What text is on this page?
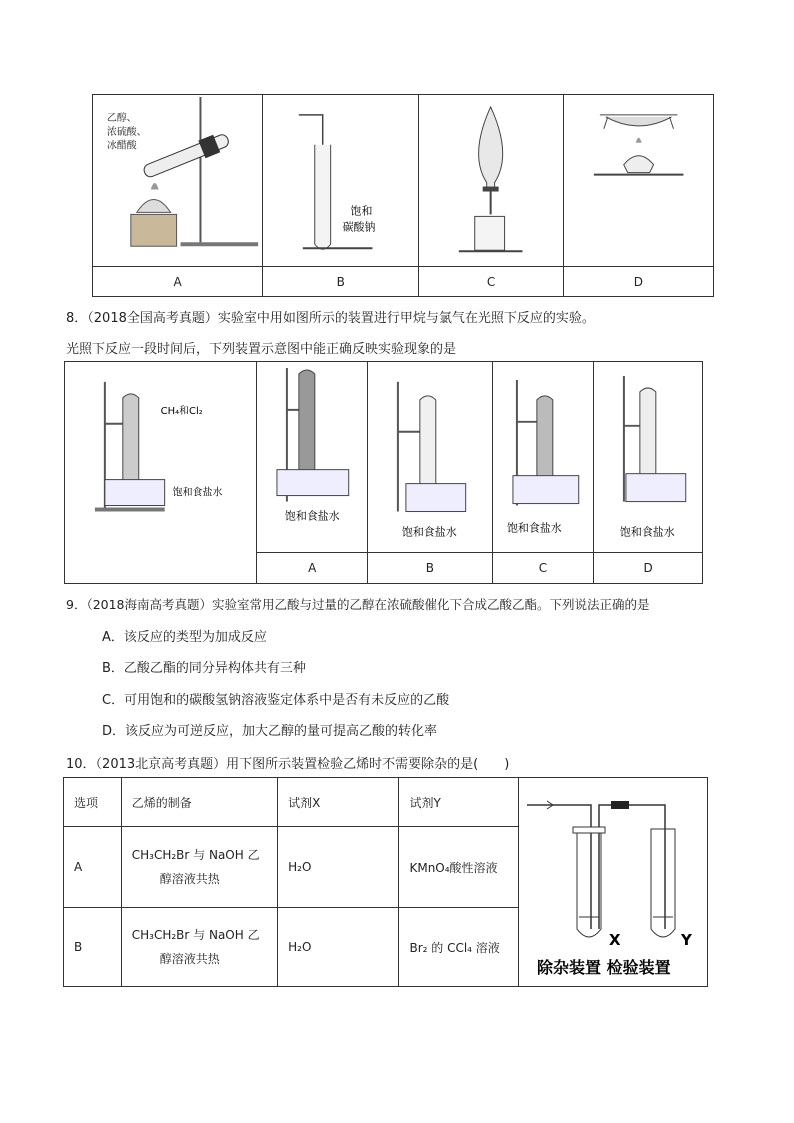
乙醇、
浓硫酸、
冰醋酸	饱和
碳酸钠

A	B	C	D
8．（2018全国高考真题）实验室中用如图所示的装置进行甲烷与氯气在光照下反应的实验。
光照下反应一段时间后，下列装置示意图中能正确反映实验现象的是
CH₄和Cl₂
饱和食盐水	饱和食盐水	饱和食盐水	饱和食盐水	饱和食盐水

	A	B	C	D
9．（2018海南高考真题）实验室常用乙酸与过量的乙醇在浓硫酸催化下合成乙酸乙酯。下列说法正确的是
A．该反应的类型为加成反应
B．乙酸乙酯的同分异构体共有三种
C．可用饱和的碳酸氢钠溶液鉴定体系中是否有未反应的乙酸
D．该反应为可逆反应，加大乙醇的量可提高乙酸的转化率
10．（2013北京高考真题）用下图所示装置检验乙烯时不需要除杂的是(　　)
选项	乙烯的制备	试剂X	试剂Y	X Y
除杂装置 检验装置

A	CH₃CH₂Br 与 NaOH 乙
醇溶液共热	H₂O	KMnO₄酸性溶液	
B	CH₃CH₂Br 与 NaOH 乙
醇溶液共热	H₂O	Br₂ 的 CCl₄ 溶液	
